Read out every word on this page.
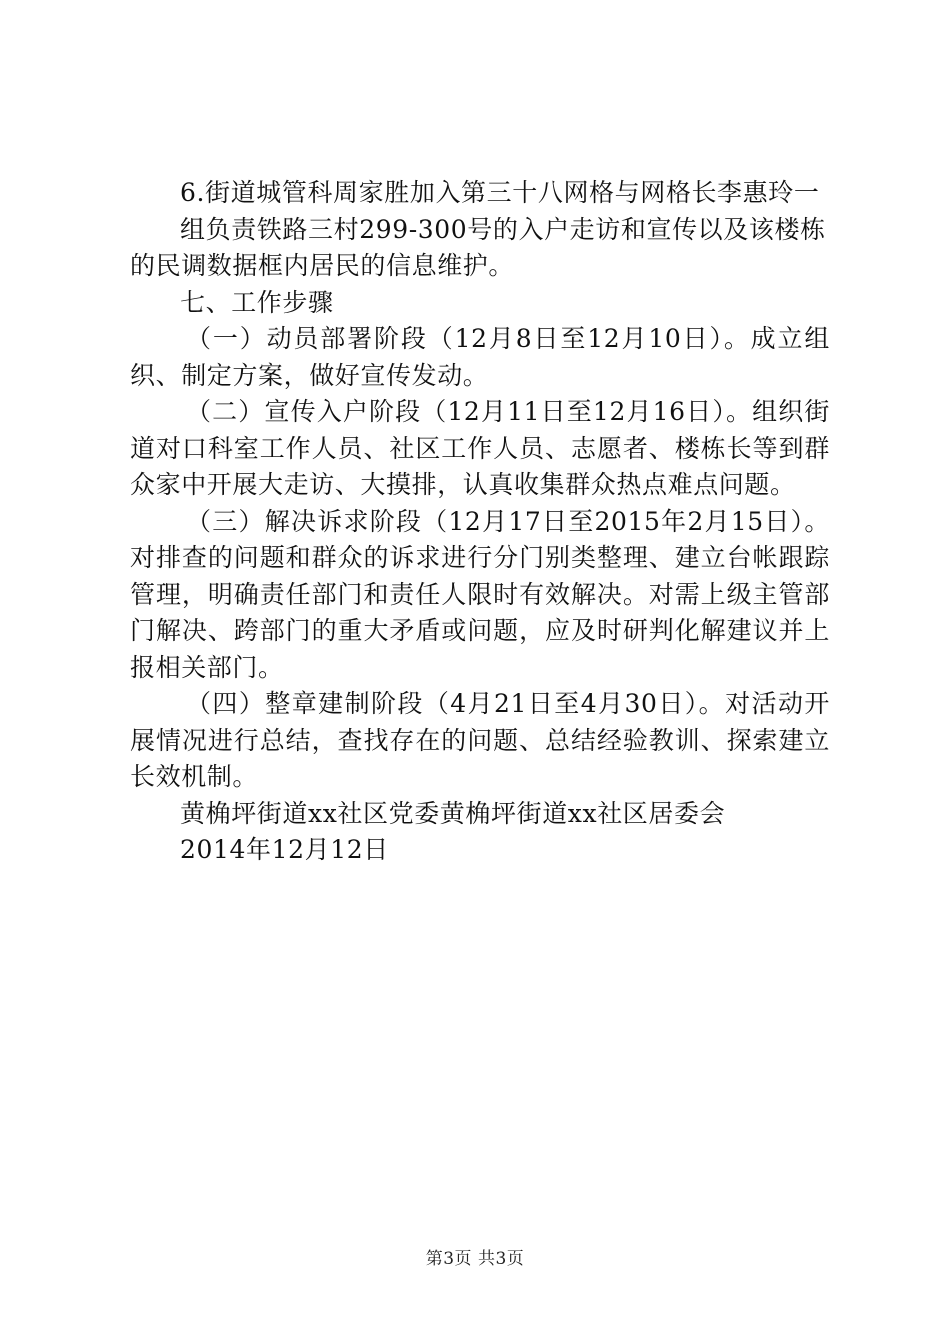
6.街道城管科周家胜加入第三十八网格与网格长李惠玲一
组负责铁路三村299-300号的入户走访和宣传以及该楼栋
的民调数据框内居民的信息维护。

七、工作步骤

（一）动员部署阶段（12月8日至12月10日）。成立组织、制定方案，做好宣传发动。

（二）宣传入户阶段（12月11日至12月16日）。组织街道对口科室工作人员、社区工作人员、志愿者、楼栋长等到群众家中开展大走访、大摸排，认真收集群众热点难点问题。

（三）解决诉求阶段（12月17日至2015年2月15日）。对排查的问题和群众的诉求进行分门别类整理、建立台帐跟踪管理，明确责任部门和责任人限时有效解决。对需上级主管部门解决、跨部门的重大矛盾或问题，应及时研判化解建议并上报相关部门。

（四）整章建制阶段（4月21日至4月30日）。对活动开展情况进行总结，查找存在的问题、总结经验教训、探索建立长效机制。

黄桷坪街道xx社区党委黄桷坪街道xx社区居委会

2014年12月12日

第3页 共3页
